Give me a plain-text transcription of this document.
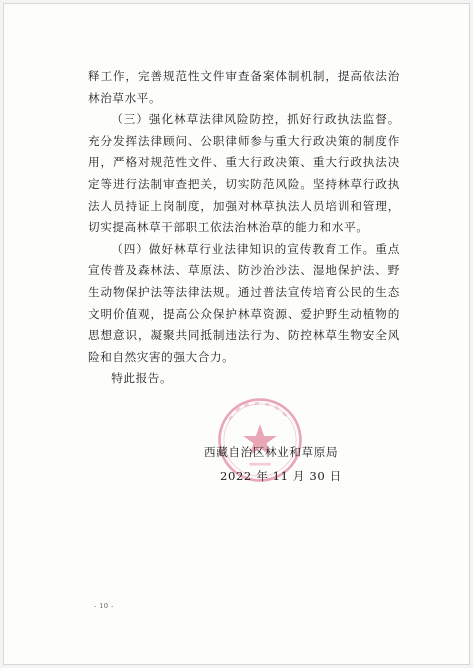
释工作，完善规范性文件审查备案体制机制，提高依法治林治草水平。

（三）强化林草法律风险防控，抓好行政执法监督。充分发挥法律顾问、公职律师参与重大行政决策的制度作用，严格对规范性文件、重大行政决策、重大行政执法决定等进行法制审查把关，切实防范风险。坚持林草行政执法人员持证上岗制度，加强对林草执法人员培训和管理，切实提高林草干部职工依法治林治草的能力和水平。

（四）做好林草行业法律知识的宣传教育工作。重点宣传普及森林法、草原法、防沙治沙法、湿地保护法、野生动物保护法等法律法规。通过普法宣传培育公民的生态文明价值观，提高公众保护林草资源、爱护野生动植物的思想意识，凝聚共同抵制违法行为、防控林草生物安全风险和自然灾害的强大合力。

特此报告。

西藏自治区林业和草原局
2022 年 11 月 30 日
- 10 -
